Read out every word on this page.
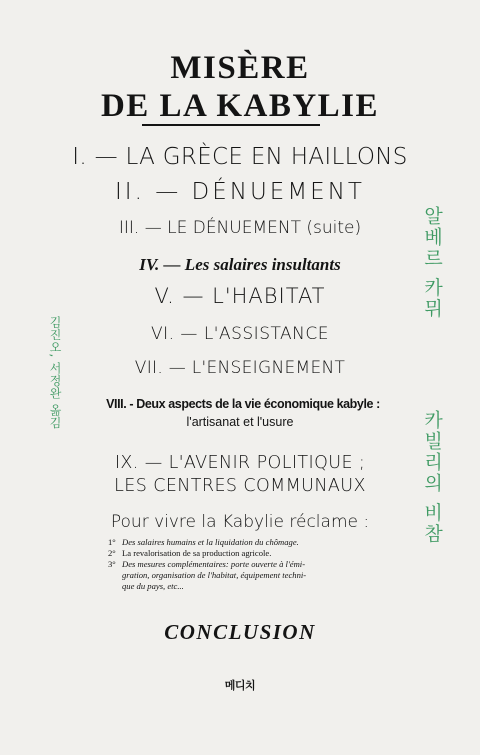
MISÈRE
DE LA KABYLIE
I. — LA GRÈCE EN HAILLONS
II. — DÉNUEMENT
III. — LE DÉNUEMENT (suite)
IV. — Les salaires insultants
V. — L'HABITAT
VI. — L'ASSISTANCE
VII. — L'ENSEIGNEMENT
VIII. - Deux aspects de la vie économique kabyle :
l'artisanat et l'usure
IX. — L'AVENIR POLITIQUE ;
LES CENTRES COMMUNAUX
Pour vivre la Kabylie réclame :
1° Des salaires humains et la liquidation du chômage.
2° La revalorisation de sa production agricole.
3° Des mesures complémentaires: porte ouverte à l'émi-
gration, organisation de l'habitat, équipement techni-
que du pays, etc...
CONCLUSION
알베르 카뮈
카빌리의 비참
김진오, 서정완 옮김
메디치
